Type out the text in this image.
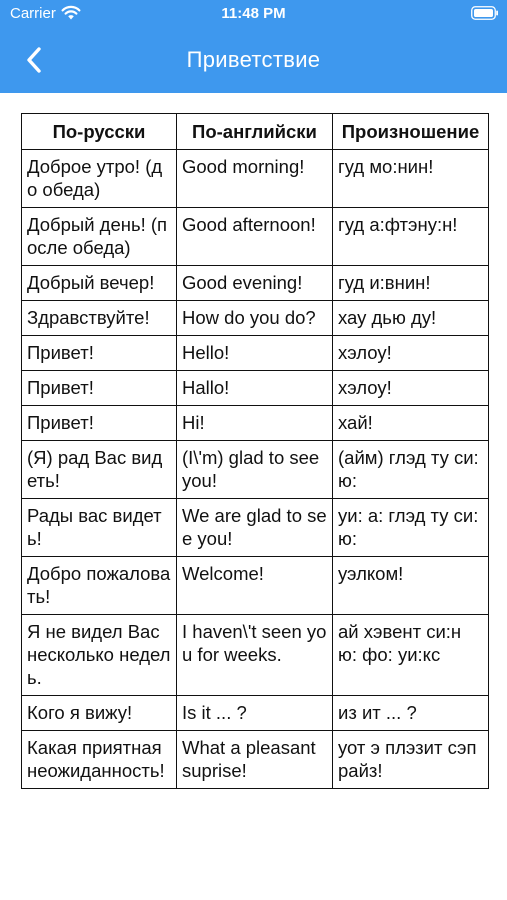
Carrier	11:48 PM
Приветствие
По-русски	По-английски	Произношение
Доброе утро! (до обеда)	Good morning!	гуд мо:нин!
Добрый день! (после обеда)	Good afternoon!	гуд а:фтэну:н!
Добрый вечер!	Good evening!	гуд и:внин!
Здравствуйте!	How do you do?	хау дью ду!
Привет!	Hello!	хэлоу!
Привет!	Hallo!	хэлоу!
Привет!	Hi!	хай!
(Я) рад Вас видеть!	(I\'m) glad to see you!	(айм) глэд ту си: ю:
Рады вас видеть!	We are glad to see you!	уи: а: глэд ту си: ю:
Добро пожаловать!	Welcome!	уэлком!
Я не видел Вас несколько недель.	I haven\'t seen you for weeks.	ай хэвент си:н ю: фо: уи:кс
Кого я вижу!	Is it ... ?	из ит ... ?
Какая приятная неожиданность!	What a pleasant suprise!	уот э плэзит сэпрайз!
